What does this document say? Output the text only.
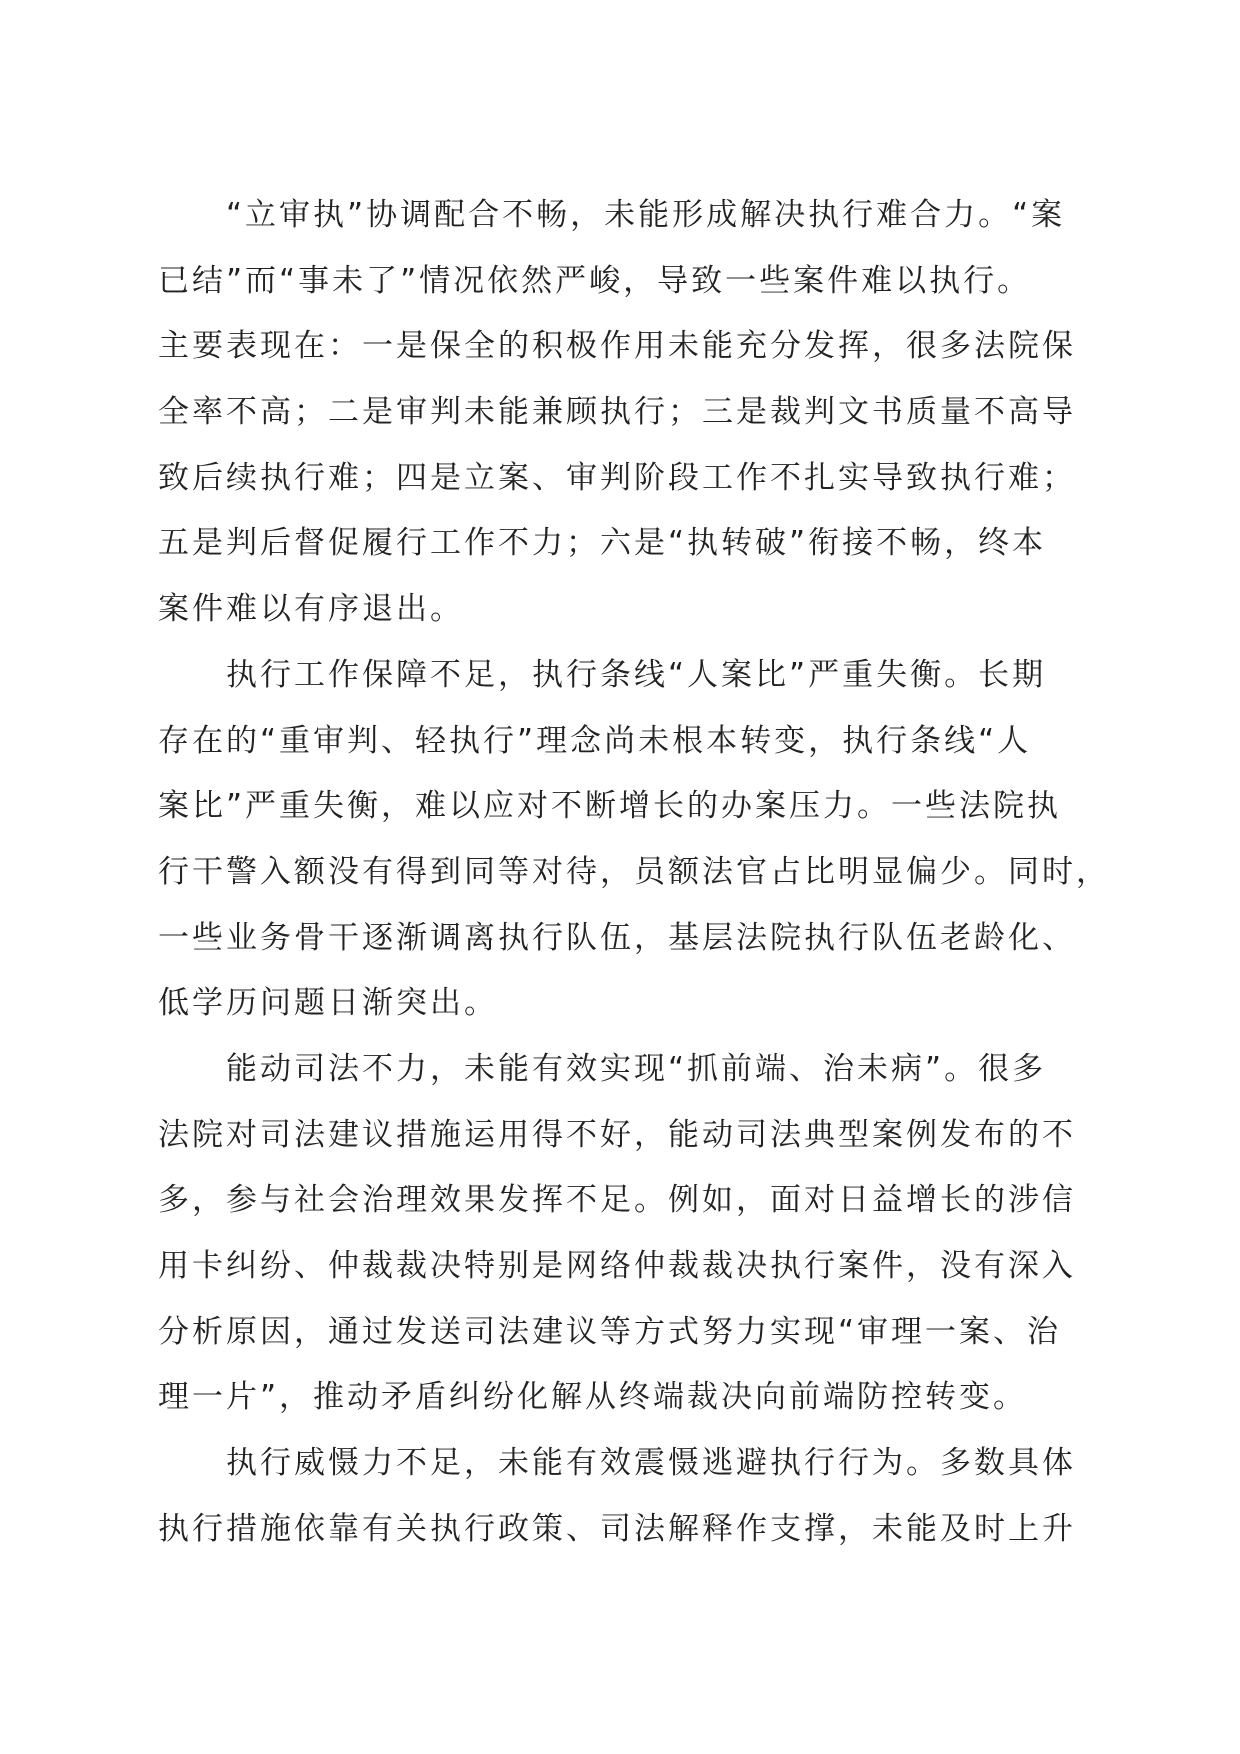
“立审执”协调配合不畅，未能形成解决执行难合力。“案
已结”而“事未了”情况依然严峻，导致一些案件难以执行。
主要表现在：一是保全的积极作用未能充分发挥，很多法院保
全率不高；二是审判未能兼顾执行；三是裁判文书质量不高导
致后续执行难；四是立案、审判阶段工作不扎实导致执行难；
五是判后督促履行工作不力；六是“执转破”衔接不畅，终本
案件难以有序退出。
执行工作保障不足，执行条线“人案比”严重失衡。长期
存在的“重审判、轻执行”理念尚未根本转变，执行条线“人
案比”严重失衡，难以应对不断增长的办案压力。一些法院执
行干警入额没有得到同等对待，员额法官占比明显偏少。同时，
一些业务骨干逐渐调离执行队伍，基层法院执行队伍老龄化、
低学历问题日渐突出。
能动司法不力，未能有效实现“抓前端、治未病”。很多
法院对司法建议措施运用得不好，能动司法典型案例发布的不
多，参与社会治理效果发挥不足。例如，面对日益增长的涉信
用卡纠纷、仲裁裁决特别是网络仲裁裁决执行案件，没有深入
分析原因，通过发送司法建议等方式努力实现“审理一案、治
理一片”，推动矛盾纠纷化解从终端裁决向前端防控转变。
执行威慑力不足，未能有效震慑逃避执行行为。多数具体
执行措施依靠有关执行政策、司法解释作支撑，未能及时上升
